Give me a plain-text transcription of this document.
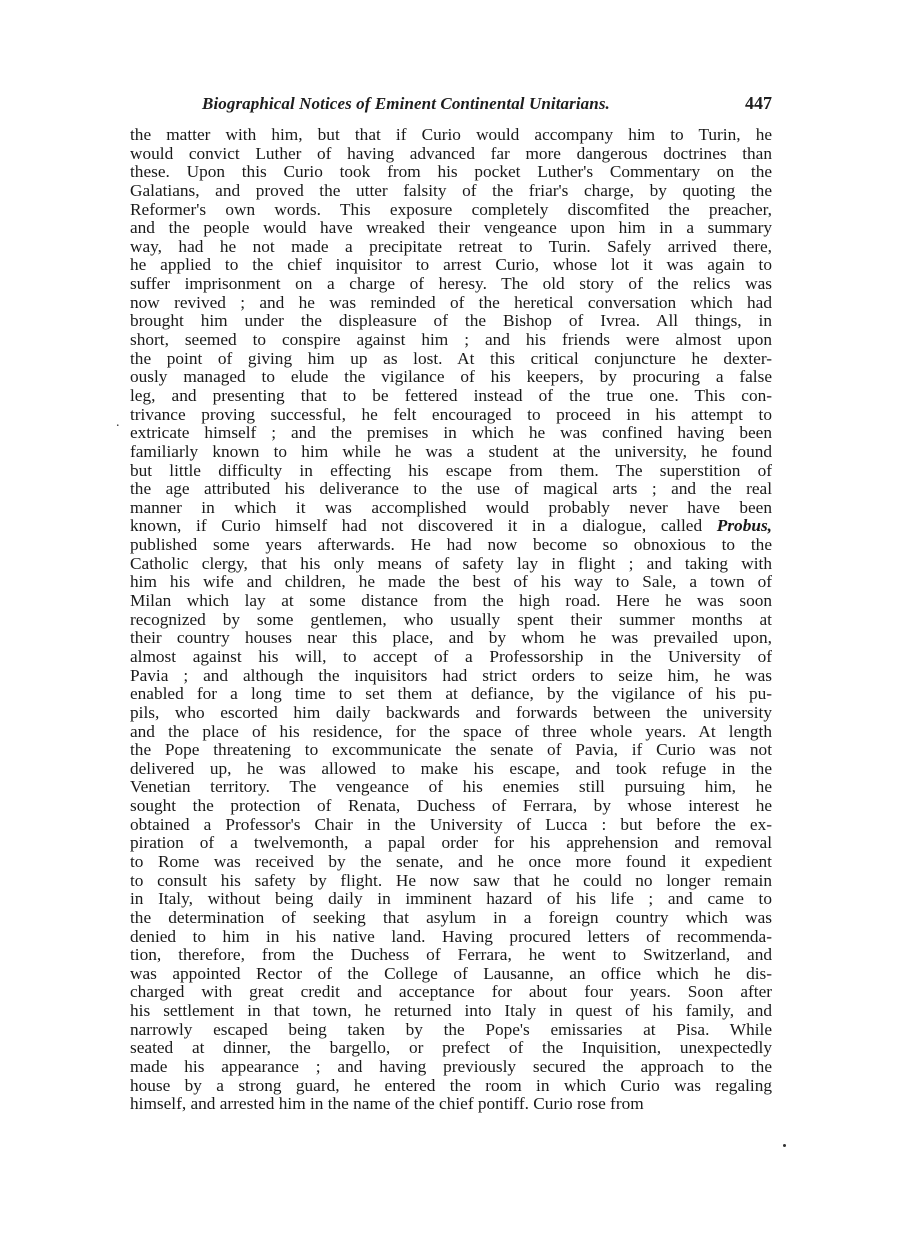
Biographical Notices of Eminent Continental Unitarians.	447
the matter with him, but that if Curio would accompany him to Turin, he
would convict Luther of having advanced far more dangerous doctrines than
these. Upon this Curio took from his pocket Luther's Commentary on the
Galatians, and proved the utter falsity of the friar's charge, by quoting the
Reformer's own words. This exposure completely discomfited the preacher,
and the people would have wreaked their vengeance upon him in a summary
way, had he not made a precipitate retreat to Turin. Safely arrived there,
he applied to the chief inquisitor to arrest Curio, whose lot it was again to
suffer imprisonment on a charge of heresy. The old story of the relics was
now revived ; and he was reminded of the heretical conversation which had
brought him under the displeasure of the Bishop of Ivrea. All things, in
short, seemed to conspire against him ; and his friends were almost upon
the point of giving him up as lost. At this critical conjuncture he dexter-
ously managed to elude the vigilance of his keepers, by procuring a false
leg, and presenting that to be fettered instead of the true one. This con-
trivance proving successful, he felt encouraged to proceed in his attempt to
extricate himself ; and the premises in which he was confined having been
familiarly known to him while he was a student at the university, he found
but little difficulty in effecting his escape from them. The superstition of
the age attributed his deliverance to the use of magical arts ; and the real
manner in which it was accomplished would probably never have been
known, if Curio himself had not discovered it in a dialogue, called Probus,
published some years afterwards. He had now become so obnoxious to the
Catholic clergy, that his only means of safety lay in flight ; and taking with
him his wife and children, he made the best of his way to Sale, a town of
Milan which lay at some distance from the high road. Here he was soon
recognized by some gentlemen, who usually spent their summer months at
their country houses near this place, and by whom he was prevailed upon,
almost against his will, to accept of a Professorship in the University of
Pavia ; and although the inquisitors had strict orders to seize him, he was
enabled for a long time to set them at defiance, by the vigilance of his pu-
pils, who escorted him daily backwards and forwards between the university
and the place of his residence, for the space of three whole years. At length
the Pope threatening to excommunicate the senate of Pavia, if Curio was not
delivered up, he was allowed to make his escape, and took refuge in the
Venetian territory. The vengeance of his enemies still pursuing him, he
sought the protection of Renata, Duchess of Ferrara, by whose interest he
obtained a Professor's Chair in the University of Lucca : but before the ex-
piration of a twelvemonth, a papal order for his apprehension and removal
to Rome was received by the senate, and he once more found it expedient
to consult his safety by flight. He now saw that he could no longer remain
in Italy, without being daily in imminent hazard of his life ; and came to
the determination of seeking that asylum in a foreign country which was
denied to him in his native land. Having procured letters of recommenda-
tion, therefore, from the Duchess of Ferrara, he went to Switzerland, and
was appointed Rector of the College of Lausanne, an office which he dis-
charged with great credit and acceptance for about four years. Soon after
his settlement in that town, he returned into Italy in quest of his family, and
narrowly escaped being taken by the Pope's emissaries at Pisa. While
seated at dinner, the bargello, or prefect of the Inquisition, unexpectedly
made his appearance ; and having previously secured the approach to the
house by a strong guard, he entered the room in which Curio was regaling
himself, and arrested him in the name of the chief pontiff. Curio rose from
.
